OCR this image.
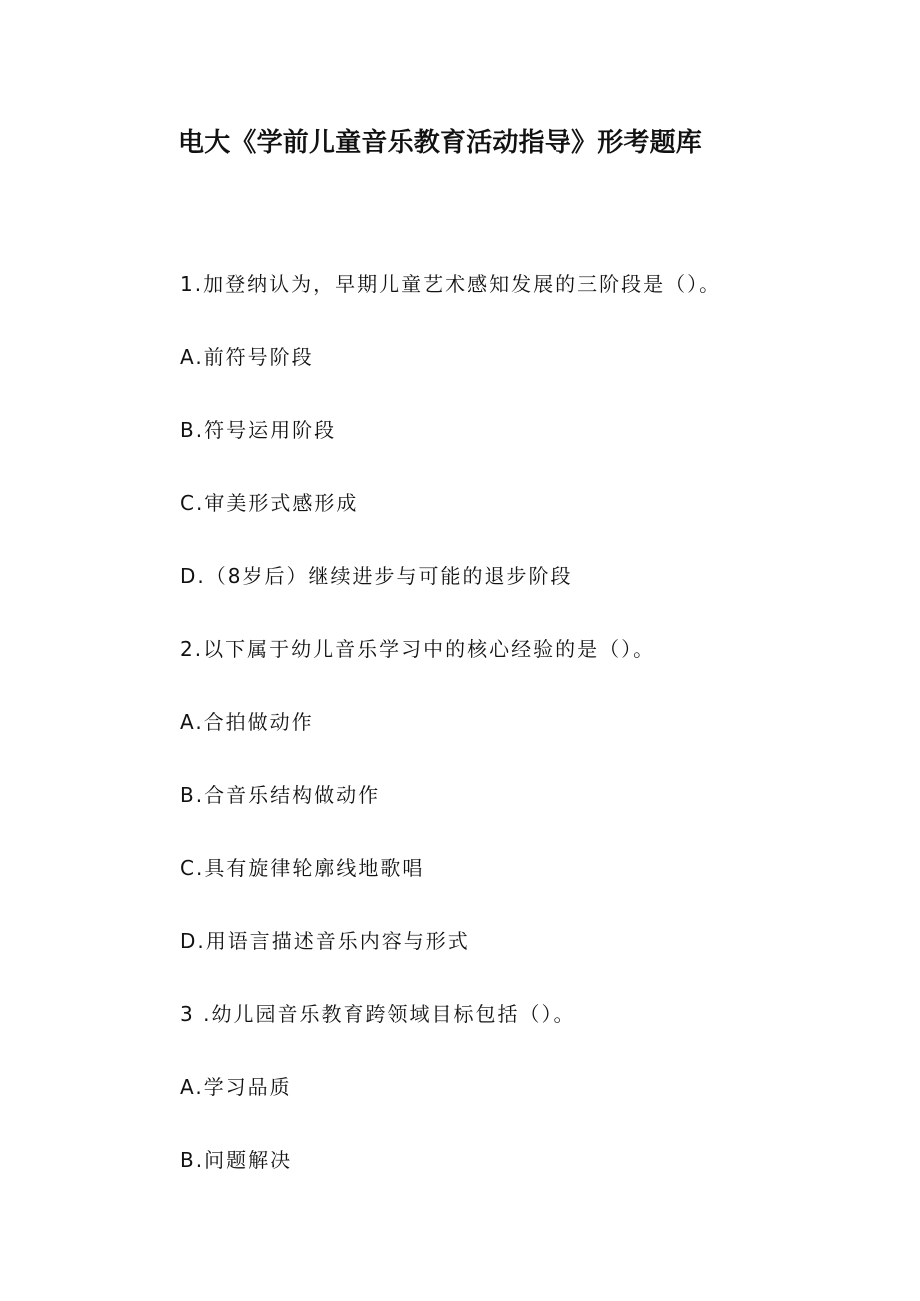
电大《学前儿童音乐教育活动指导》形考题库
1.加登纳认为，早期儿童艺术感知发展的三阶段是（）。
A.前符号阶段
B.符号运用阶段
C.审美形式感形成
D.（8岁后）继续进步与可能的退步阶段
2.以下属于幼儿音乐学习中的核心经验的是（）。
A.合拍做动作
B.合音乐结构做动作
C.具有旋律轮廓线地歌唱
D.用语言描述音乐内容与形式
3 .幼儿园音乐教育跨领域目标包括（）。
A.学习品质
B.问题解决
